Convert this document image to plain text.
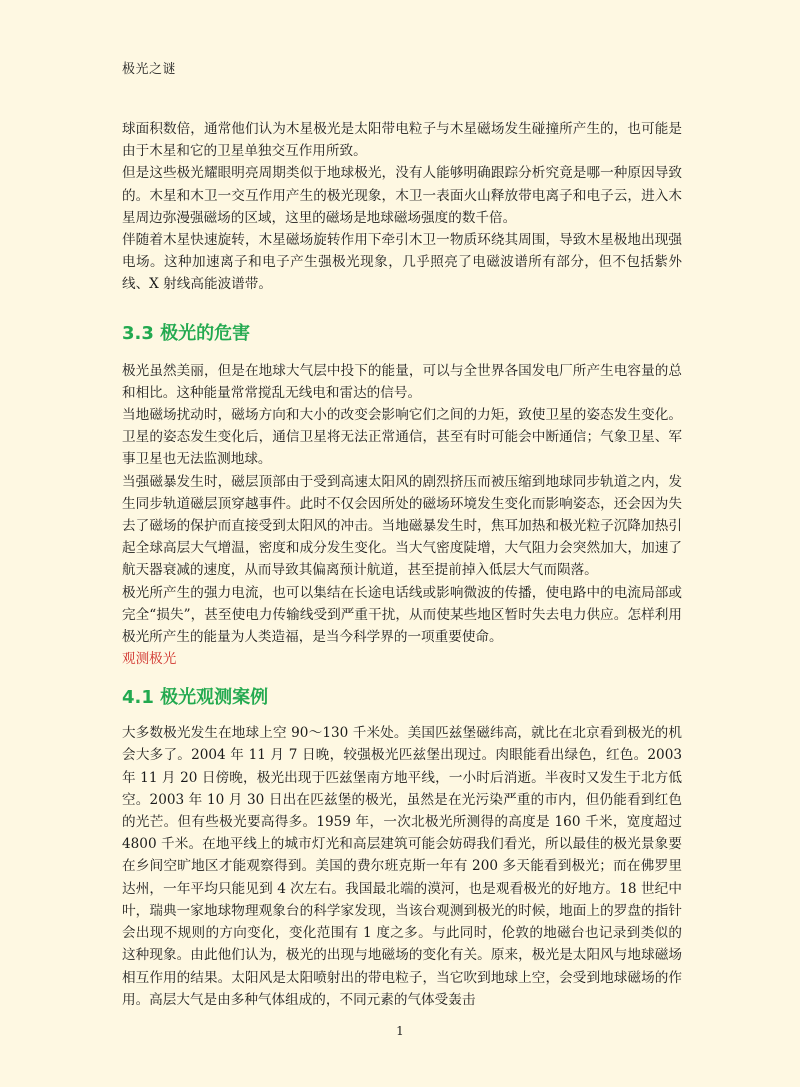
极光之谜

球面积数倍，通常他们认为木星极光是太阳带电粒子与木星磁场发生碰撞所产生的，也可能是由于木星和它的卫星单独交互作用所致。

但是这些极光耀眼明亮周期类似于地球极光，没有人能够明确跟踪分析究竟是哪一种原因导致的。木星和木卫一交互作用产生的极光现象，木卫一表面火山释放带电离子和电子云，进入木星周边弥漫强磁场的区域，这里的磁场是地球磁场强度的数千倍。

伴随着木星快速旋转，木星磁场旋转作用下牵引木卫一物质环绕其周围，导致木星极地出现强电场。这种加速离子和电子产生强极光现象，几乎照亮了电磁波谱所有部分，但不包括紫外线、X 射线高能波谱带。

3.3 极光的危害

极光虽然美丽，但是在地球大气层中投下的能量，可以与全世界各国发电厂所产生电容量的总和相比。这种能量常常搅乱无线电和雷达的信号。

当地磁场扰动时，磁场方向和大小的改变会影响它们之间的力矩，致使卫星的姿态发生变化。卫星的姿态发生变化后，通信卫星将无法正常通信，甚至有时可能会中断通信；气象卫星、军事卫星也无法监测地球。

当强磁暴发生时，磁层顶部由于受到高速太阳风的剧烈挤压而被压缩到地球同步轨道之内，发生同步轨道磁层顶穿越事件。此时不仅会因所处的磁场环境发生变化而影响姿态，还会因为失去了磁场的保护而直接受到太阳风的冲击。当地磁暴发生时，焦耳加热和极光粒子沉降加热引起全球高层大气增温，密度和成分发生变化。当大气密度陡增，大气阻力会突然加大，加速了航天器衰减的速度，从而导致其偏离预计航道，甚至提前掉入低层大气而陨落。

极光所产生的强力电流，也可以集结在长途电话线或影响微波的传播，使电路中的电流局部或完全“损失”，甚至使电力传输线受到严重干扰，从而使某些地区暂时失去电力供应。怎样利用极光所产生的能量为人类造福，是当今科学界的一项重要使命。

观测极光

4.1 极光观测案例

大多数极光发生在地球上空 90～130 千米处。美国匹兹堡磁纬高，就比在北京看到极光的机会大多了。2004 年 11 月 7 日晚，较强极光匹兹堡出现过。肉眼能看出绿色，红色。2003 年 11 月 20 日傍晚，极光出现于匹兹堡南方地平线，一小时后消逝。半夜时又发生于北方低空。2003 年 10 月 30 日出在匹兹堡的极光，虽然是在光污染严重的市内，但仍能看到红色的光芒。但有些极光要高得多。1959 年，一次北极光所测得的高度是 160 千米，宽度超过 4800 千米。在地平线上的城市灯光和高层建筑可能会妨碍我们看光，所以最佳的极光景象要在乡间空旷地区才能观察得到。美国的费尔班克斯一年有 200 多天能看到极光；而在佛罗里达州，一年平均只能见到 4 次左右。我国最北端的漠河，也是观看极光的好地方。18 世纪中叶，瑞典一家地球物理观象台的科学家发现，当该台观测到极光的时候，地面上的罗盘的指针会出现不规则的方向变化，变化范围有 1 度之多。与此同时，伦敦的地磁台也记录到类似的这种现象。由此他们认为，极光的出现与地磁场的变化有关。原来，极光是太阳风与地球磁场相互作用的结果。太阳风是太阳喷射出的带电粒子，当它吹到地球上空，会受到地球磁场的作用。高层大气是由多种气体组成的，不同元素的气体受轰击

1
